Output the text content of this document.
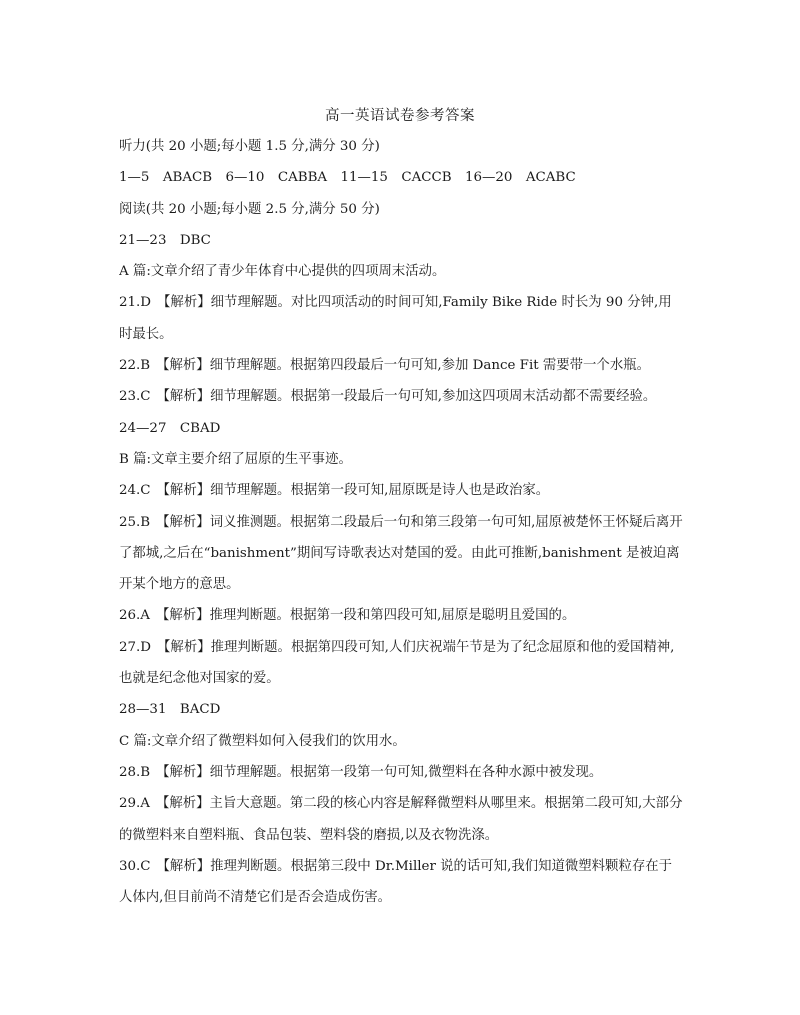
高一英语试卷参考答案
听力(共 20 小题;每小题 1.5 分,满分 30 分)
1—5　ABACB　6—10　CABBA　11—15　CACCB　16—20　ACABC
阅读(共 20 小题;每小题 2.5 分,满分 50 分)
21—23　DBC
A 篇:文章介绍了青少年体育中心提供的四项周末活动。
21.D 【解析】细节理解题。对比四项活动的时间可知,Family Bike Ride 时长为 90 分钟,用时最长。
22.B 【解析】细节理解题。根据第四段最后一句可知,参加 Dance Fit 需要带一个水瓶。
23.C 【解析】细节理解题。根据第一段最后一句可知,参加这四项周末活动都不需要经验。
24—27　CBAD
B 篇:文章主要介绍了屈原的生平事迹。
24.C 【解析】细节理解题。根据第一段可知,屈原既是诗人也是政治家。
25.B 【解析】词义推测题。根据第二段最后一句和第三段第一句可知,屈原被楚怀王怀疑后离开了都城,之后在“banishment”期间写诗歌表达对楚国的爱。由此可推断,banishment 是被迫离开某个地方的意思。
26.A 【解析】推理判断题。根据第一段和第四段可知,屈原是聪明且爱国的。
27.D 【解析】推理判断题。根据第四段可知,人们庆祝端午节是为了纪念屈原和他的爱国精神,也就是纪念他对国家的爱。
28—31　BACD
C 篇:文章介绍了微塑料如何入侵我们的饮用水。
28.B 【解析】细节理解题。根据第一段第一句可知,微塑料在各种水源中被发现。
29.A 【解析】主旨大意题。第二段的核心内容是解释微塑料从哪里来。根据第二段可知,大部分的微塑料来自塑料瓶、食品包装、塑料袋的磨损,以及衣物洗涤。
30.C 【解析】推理判断题。根据第三段中 Dr.Miller 说的话可知,我们知道微塑料颗粒存在于人体内,但目前尚不清楚它们是否会造成伤害。
